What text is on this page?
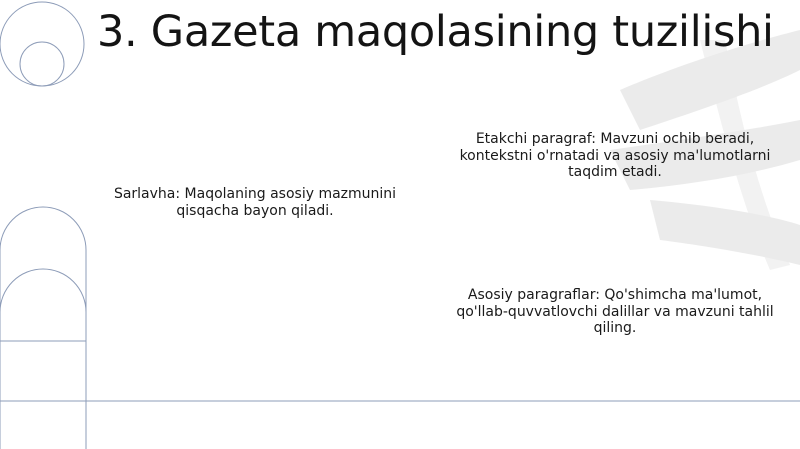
3. Gazeta maqolasining tuzilishi
Sarlavha: Maqolaning asosiy mazmunini qisqacha bayon qiladi.
Etakchi paragraf: Mavzuni ochib beradi, kontekstni o'rnatadi va asosiy ma'lumotlarni taqdim etadi.
Asosiy paragraflar: Qo'shimcha ma'lumot, qo'llab-quvvatlovchi dalillar va mavzuni tahlil qiling.
